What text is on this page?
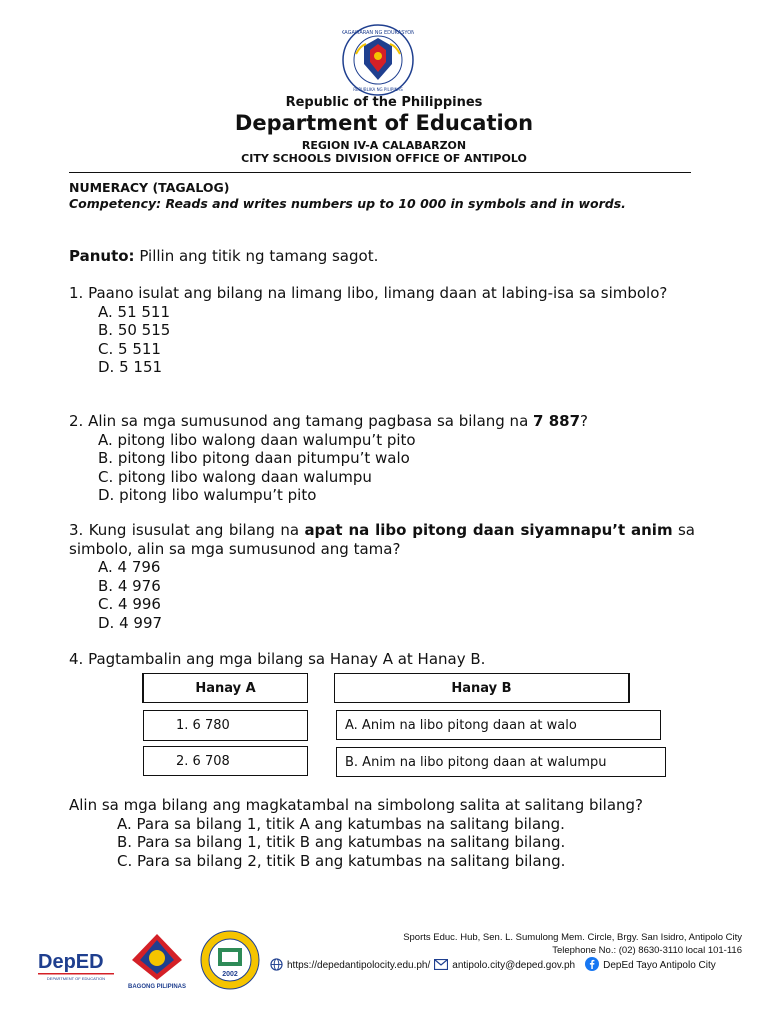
KAGAWARAN NG EDUKASYON
REPUBLIKA NG PILIPINAS
Republic of the Philippines
Department of Education
REGION IV-A CALABARZON
CITY SCHOOLS DIVISION OFFICE OF ANTIPOLO
NUMERACY (TAGALOG)
Competency: Reads and writes numbers up to 10 000 in symbols and in words.
Panuto: Pillin ang titik ng tamang sagot.
1. Paano isulat ang bilang na limang libo, limang daan at labing-isa sa simbolo?
A. 51 511
B. 50 515
C. 5 511
D. 5 151
2. Alin sa mga sumusunod ang tamang pagbasa sa bilang na 7 887?
A. pitong libo walong daan walumpu’t pito
B. pitong libo pitong daan pitumpu’t walo
C. pitong libo walong daan walumpu
D. pitong libo walumpu’t pito
3. Kung isusulat ang bilang na apat na libo pitong daan siyamnapu’t anim sa simbolo, alin sa mga sumusunod ang tama?
A. 4 796
B. 4 976
C. 4 996
D. 4 997
4. Pagtambalin ang mga bilang sa Hanay A at Hanay B.
Hanay A	Hanay B
1. 6 780
2. 6 708
A. Anim na libo pitong daan at walo
B. Anim na libo pitong daan at walumpu
Alin sa mga bilang ang magkatambal na simbolong salita at salitang bilang?
A. Para sa bilang 1, titik A ang katumbas na salitang bilang.
B. Para sa bilang 1, titik B ang katumbas na salitang bilang.
C. Para sa bilang 2, titik B ang katumbas na salitang bilang.
DepED
DEPARTMENT OF EDUCATION
BAGONG PILIPINAS
2002
Sports Educ. Hub, Sen. L. Sumulong Mem. Circle, Brgy. San Isidro, Antipolo City
Telephone No.: (02) 8630-3110 local 101-116
https://depedantipolocity.edu.ph/ antipolo.city@deped.gov.ph	DepEd Tayo Antipolo City
